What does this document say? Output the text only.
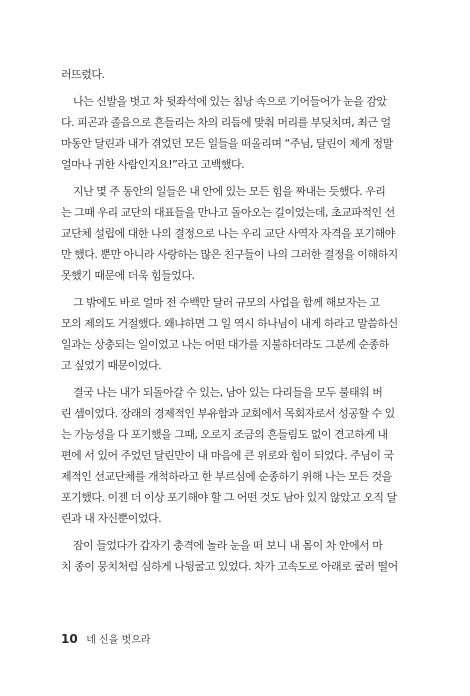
러뜨렸다.

나는 신발을 벗고 차 뒷좌석에 있는 침낭 속으로 기어들어가 눈을 감았
다. 피곤과 졸음으로 흔들리는 차의 리듬에 맞춰 머리를 부딪치며, 최근 얼
마동안 달린과 내가 겪었던 모든 일들을 떠올리며 “주님, 달린이 제게 정말
얼마나 귀한 사람인지요!”라고 고백했다.

지난 몇 주 동안의 일들은 내 안에 있는 모든 힘을 짜내는 듯했다. 우리
는 그때 우리 교단의 대표들을 만나고 돌아오는 길이었는데, 초교파적인 선
교단체 설립에 대한 나의 결정으로 나는 우리 교단 사역자 자격을 포기해야
만 했다. 뿐만 아니라 사랑하는 많은 친구들이 나의 그러한 결정을 이해하지
못했기 때문에 더욱 힘들었다.

그 밖에도 바로 얼마 전 수백만 달러 규모의 사업을 함께 해보자는 고
모의 제의도 거절했다. 왜냐하면 그 일 역시 하나님이 내게 하라고 말씀하신
일과는 상충되는 일이었고 나는 어떤 대가를 지불하더라도 그분께 순종하
고 싶었기 때문이었다.

결국 나는 내가 되돌아갈 수 있는, 남아 있는 다리들을 모두 불태워 버
린 셈이었다. 장래의 경제적인 부유함과 교회에서 목회자로서 성공할 수 있
는 가능성을 다 포기했을 그때, 오로지 조금의 흔들림도 없이 견고하게 내
편에 서 있어 주었던 달린만이 내 마음에 큰 위로와 힘이 되었다. 주님이 국
제적인 선교단체를 개척하라고 한 부르심에 순종하기 위해 나는 모든 것을
포기했다. 이젠 더 이상 포기해야 할 그 어떤 것도 남아 있지 않았고 오직 달
린과 내 자신뿐이었다.

잠이 들었다가 갑자기 충격에 놀라 눈을 떠 보니 내 몸이 차 안에서 마
치 종이 뭉치처럼 심하게 나뒹굴고 있었다. 차가 고속도로 아래로 굴러 떨어

10 네 신을 벗으라
